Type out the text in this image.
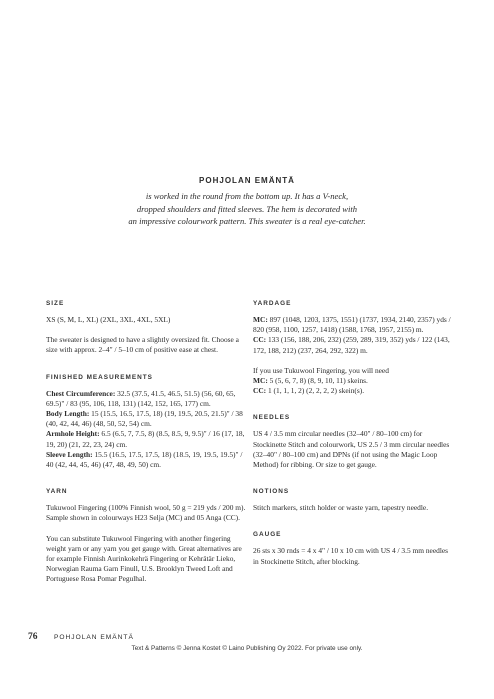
POHJOLAN EMÄNTÄ
is worked in the round from the bottom up. It has a V-neck,
dropped shoulders and fitted sleeves. The hem is decorated with
an impressive colourwork pattern. This sweater is a real eye-catcher.
SIZE
XS (S, M, L, XL) (2XL, 3XL, 4XL, 5XL)
The sweater is designed to have a slightly oversized fit. Choose a size with approx. 2–4" / 5–10 cm of positive ease at chest.
FINISHED MEASUREMENTS
Chest Circumference: 32.5 (37.5, 41.5, 46.5, 51.5) (56, 60, 65, 69.5)" / 83 (95, 106, 118, 131) (142, 152, 165, 177) cm.
Body Length: 15 (15.5, 16.5, 17.5, 18) (19, 19.5, 20.5, 21.5)" / 38 (40, 42, 44, 46) (48, 50, 52, 54) cm.
Armhole Height: 6.5 (6.5, 7, 7.5, 8) (8.5, 8.5, 9, 9.5)" / 16 (17, 18, 19, 20) (21, 22, 23, 24) cm.
Sleeve Length: 15.5 (16.5, 17.5, 17.5, 18) (18.5, 19, 19.5, 19.5)" / 40 (42, 44, 45, 46) (47, 48, 49, 50) cm.
YARN
Tukuwool Fingering (100% Finnish wool, 50 g = 219 yds / 200 m). Sample shown in colourways H23 Selja (MC) and 05 Anga (CC).
You can substitute Tukuwool Fingering with another fingering weight yarn or any yarn you get gauge with. Great alternatives are for example Finnish Aurinkokehrä Fingering or Kehrätär Lieko, Norwegian Rauma Garn Finull, U.S. Brooklyn Tweed Loft and Portuguese Rosa Pomar Pegulhal.
YARDAGE
MC: 897 (1048, 1203, 1375, 1551) (1737, 1934, 2140, 2357) yds / 820 (958, 1100, 1257, 1418) (1588, 1768, 1957, 2155) m.
CC: 133 (156, 188, 206, 232) (259, 289, 319, 352) yds / 122 (143, 172, 188, 212) (237, 264, 292, 322) m.
If you use Tukuwool Fingering, you will need
MC: 5 (5, 6, 7, 8) (8, 9, 10, 11) skeins.
CC: 1 (1, 1, 1, 2) (2, 2, 2, 2) skein(s).
NEEDLES
US 4 / 3.5 mm circular needles (32–40" / 80–100 cm) for Stockinette Stitch and colourwork, US 2.5 / 3 mm circular needles (32–40" / 80–100 cm) and DPNs (if not using the Magic Loop Method) for ribbing. Or size to get gauge.
NOTIONS
Stitch markers, stitch holder or waste yarn, tapestry needle.
GAUGE
26 sts x 30 rnds = 4 x 4" / 10 x 10 cm with US 4 / 3.5 mm needles in Stockinette Stitch, after blocking.
76	POHJOLAN EMÄNTÄ
Text & Patterns © Jenna Kostet © Laino Publishing Oy 2022. For private use only.
